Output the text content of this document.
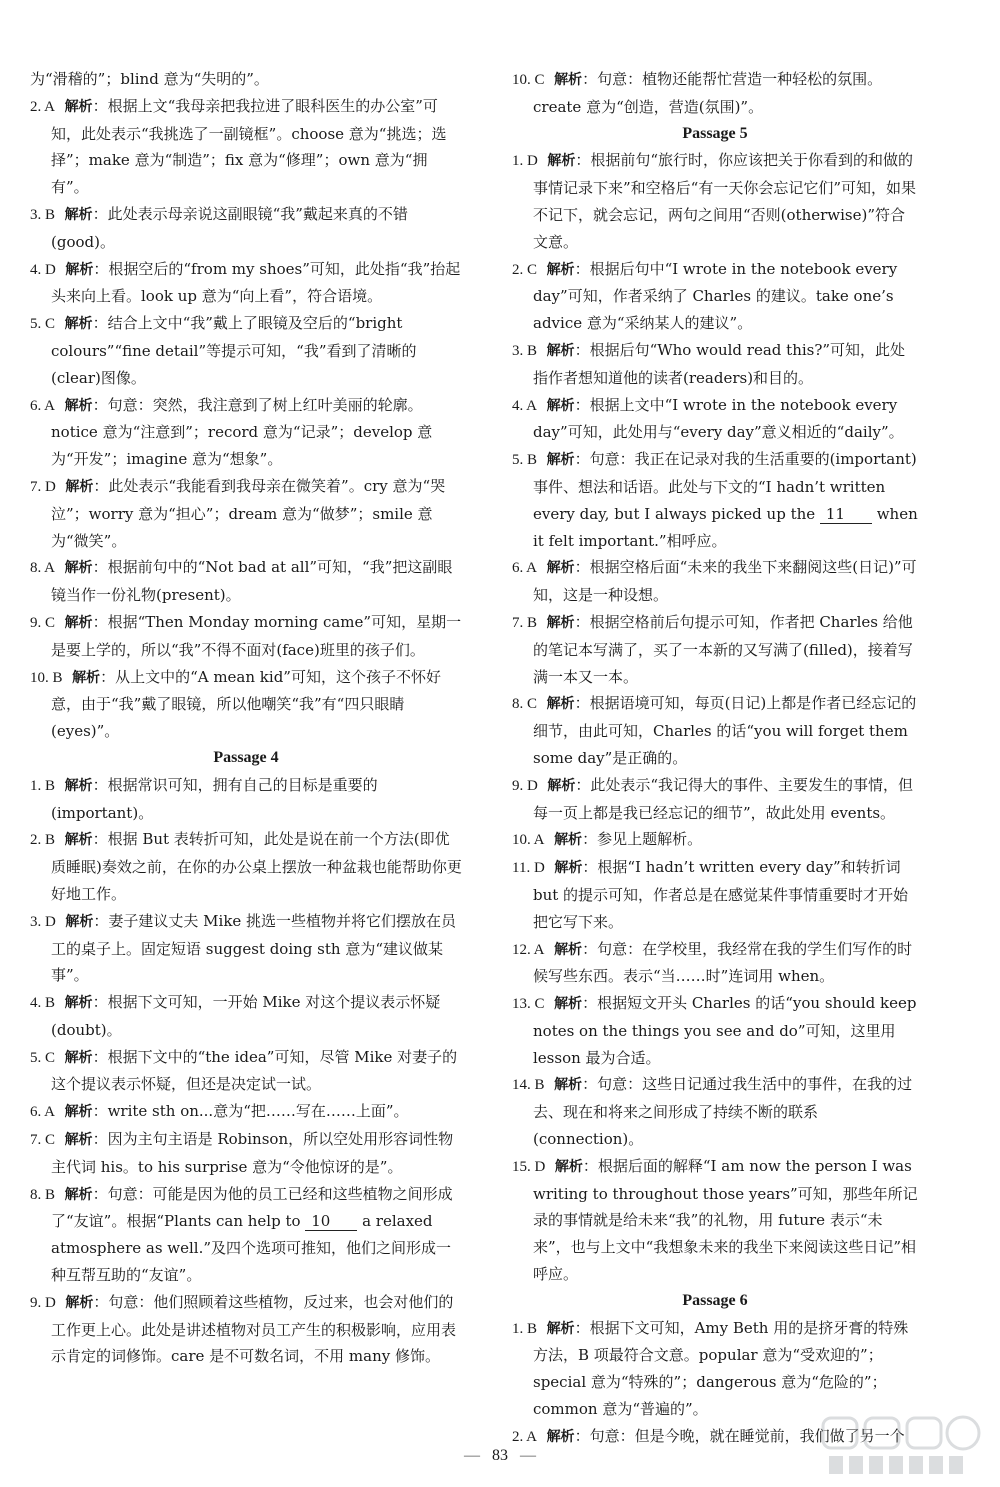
为“滑稽的”；blind 意为“失明的”。
2. A 解析：根据上文“我母亲把我拉进了眼科医生的办公室”可知，此处表示“我挑选了一副镜框”。choose 意为“挑选；选择”；make 意为“制造”；fix 意为“修理”；own 意为“拥有”。
3. B 解析：此处表示母亲说这副眼镜“我”戴起来真的不错(good)。
4. D 解析：根据空后的“from my shoes”可知，此处指“我”抬起头来向上看。look up 意为“向上看”，符合语境。
5. C 解析：结合上文中“我”戴上了眼镜及空后的“bright colours”“fine detail”等提示可知，“我”看到了清晰的(clear)图像。
6. A 解析：句意：突然，我注意到了树上红叶美丽的轮廓。notice 意为“注意到”；record 意为“记录”；develop 意为“开发”；imagine 意为“想象”。
7. D 解析：此处表示“我能看到我母亲在微笑着”。cry 意为“哭泣”；worry 意为“担心”；dream 意为“做梦”；smile 意为“微笑”。
8. A 解析：根据前句中的“Not bad at all”可知，“我”把这副眼镜当作一份礼物(present)。
9. C 解析：根据“Then Monday morning came”可知，星期一是要上学的，所以“我”不得不面对(face)班里的孩子们。
10. B 解析：从上文中的“A mean kid”可知，这个孩子不怀好意，由于“我”戴了眼镜，所以他嘲笑“我”有“四只眼睛(eyes)”。
Passage 4
1. B 解析：根据常识可知，拥有自己的目标是重要的(important)。
2. B 解析：根据 But 表转折可知，此处是说在前一个方法(即优质睡眠)奏效之前，在你的办公桌上摆放一种盆栽也能帮助你更好地工作。
3. D 解析：妻子建议丈夫 Mike 挑选一些植物并将它们摆放在员工的桌子上。固定短语 suggest doing sth 意为“建议做某事”。
4. B 解析：根据下文可知，一开始 Mike 对这个提议表示怀疑(doubt)。
5. C 解析：根据下文中的“the idea”可知，尽管 Mike 对妻子的这个提议表示怀疑，但还是决定试一试。
6. A 解析：write sth on...意为“把……写在……上面”。
7. C 解析：因为主句主语是 Robinson，所以空处用形容词性物主代词 his。to his surprise 意为“令他惊讶的是”。
8. B 解析：句意：可能是因为他的员工已经和这些植物之间形成了“友谊”。根据“Plants can help to 10 a relaxed atmosphere as well.”及四个选项可推知，他们之间形成一种互帮互助的“友谊”。
9. D 解析：句意：他们照顾着这些植物，反过来，也会对他们的工作更上心。此处是讲述植物对员工产生的积极影响，应用表示肯定的词修饰。care 是不可数名词，不用 many 修饰。
10. C 解析：句意：植物还能帮忙营造一种轻松的氛围。create 意为“创造，营造(氛围)”。
Passage 5
1. D 解析：根据前句“旅行时，你应该把关于你看到的和做的事情记录下来”和空格后“有一天你会忘记它们”可知，如果不记下，就会忘记，两句之间用“否则(otherwise)”符合文意。
2. C 解析：根据后句中“I wrote in the notebook every day”可知，作者采纳了 Charles 的建议。take one’s advice 意为“采纳某人的建议”。
3. B 解析：根据后句“Who would read this?”可知，此处指作者想知道他的读者(readers)和目的。
4. A 解析：根据上文中“I wrote in the notebook every day”可知，此处用与“every day”意义相近的“daily”。
5. B 解析：句意：我正在记录对我的生活重要的(important)事件、想法和话语。此处与下文的“I hadn’t written every day, but I always picked up the 11 when it felt important.”相呼应。
6. A 解析：根据空格后面“未来的我坐下来翻阅这些(日记)”可知，这是一种设想。
7. B 解析：根据空格前后句提示可知，作者把 Charles 给他的笔记本写满了，买了一本新的又写满了(filled)，接着写满一本又一本。
8. C 解析：根据语境可知，每页(日记)上都是作者已经忘记的细节，由此可知，Charles 的话“you will forget them some day”是正确的。
9. D 解析：此处表示“我记得大的事件、主要发生的事情，但每一页上都是我已经忘记的细节”，故此处用 events。
10. A 解析：参见上题解析。
11. D 解析：根据“I hadn’t written every day”和转折词 but 的提示可知，作者总是在感觉某件事情重要时才开始把它写下来。
12. A 解析：句意：在学校里，我经常在我的学生们写作的时候写些东西。表示“当……时”连词用 when。
13. C 解析：根据短文开头 Charles 的话“you should keep notes on the things you see and do”可知，这里用 lesson 最为合适。
14. B 解析：句意：这些日记通过我生活中的事件，在我的过去、现在和将来之间形成了持续不断的联系(connection)。
15. D 解析：根据后面的解释“I am now the person I was writing to throughout those years”可知，那些年所记录的事情就是给未来“我”的礼物，用 future 表示“未来”，也与上文中“我想象未来的我坐下来阅读这些日记”相呼应。
Passage 6
1. B 解析：根据下文可知，Amy Beth 用的是挤牙膏的特殊方法，B 项最符合文意。popular 意为“受欢迎的”；special 意为“特殊的”；dangerous 意为“危险的”；common 意为“普遍的”。
2. A 解析：句意：但是今晚，就在睡觉前，我们做了另一个
— 83 —
